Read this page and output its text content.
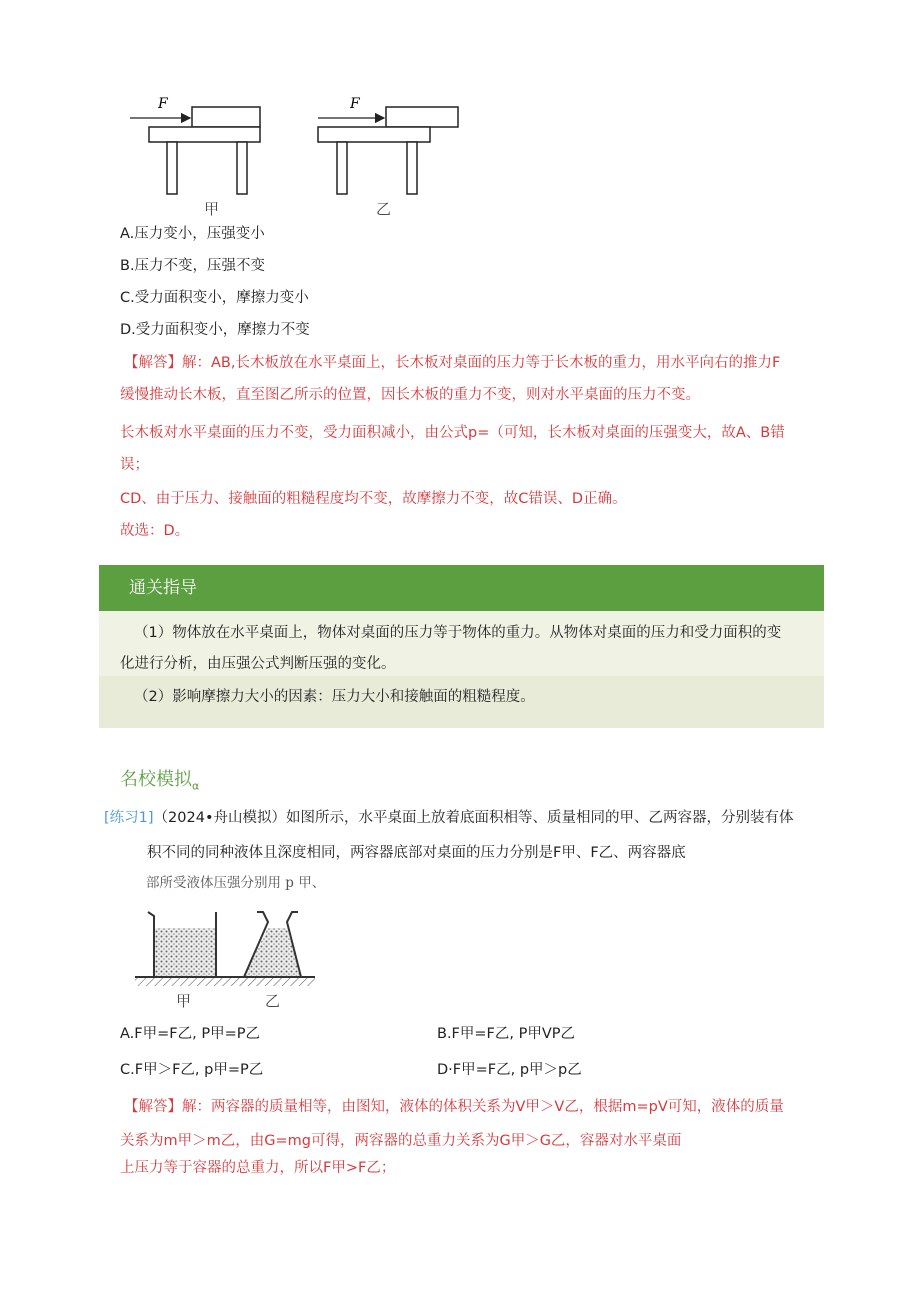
F
甲
F
乙
A.压力变小，压强变小
B.压力不变，压强不变
C.受力面积变小，摩擦力变小
D.受力面积变小，摩擦力不变
【解答】解：AB,长木板放在水平桌面上，长木板对桌面的压力等于长木板的重力，用水平向右的推力F
缓慢推动长木板，直至图乙所示的位置，因长木板的重力不变，则对水平桌面的压力不变。
长木板对水平桌面的压力不变，受力面积减小，由公式p=（可知，长木板对桌面的压强变大，故A、B错
误；
CD、由于压力、接触面的粗糙程度均不变，故摩擦力不变，故C错误、D正确。
故选：D。
通关指导
（1）物体放在水平桌面上，物体对桌面的压力等于物体的重力。从物体对桌面的压力和受力面积的变
化进行分析，由压强公式判断压强的变化。
（2）影响摩擦力大小的因素：压力大小和接触面的粗糙程度。
名校模拟$_\alpha$
[练习1]（2024•舟山模拟）如图所示，水平桌面上放着底面积相等、质量相同的甲、乙两容器，分别装有体
积不同的同种液体且深度相同，两容器底部对桌面的压力分别是F甲、F乙、两容器底
部所受液体压强分别用 p 甲、
甲	乙
A.F甲=F乙, P甲=P乙	B.F甲=F乙, P甲VP乙
C.F甲＞F乙, p甲=P乙	D·F甲=F乙, p甲＞p乙
【解答】解：两容器的质量相等，由图知，液体的体积关系为V甲＞V乙，根据m=pV可知，液体的质量
关系为m甲＞m乙，由G=mg可得，两容器的总重力关系为G甲＞G乙，容器对水平桌面
上压力等于容器的总重力，所以F甲>F乙；
